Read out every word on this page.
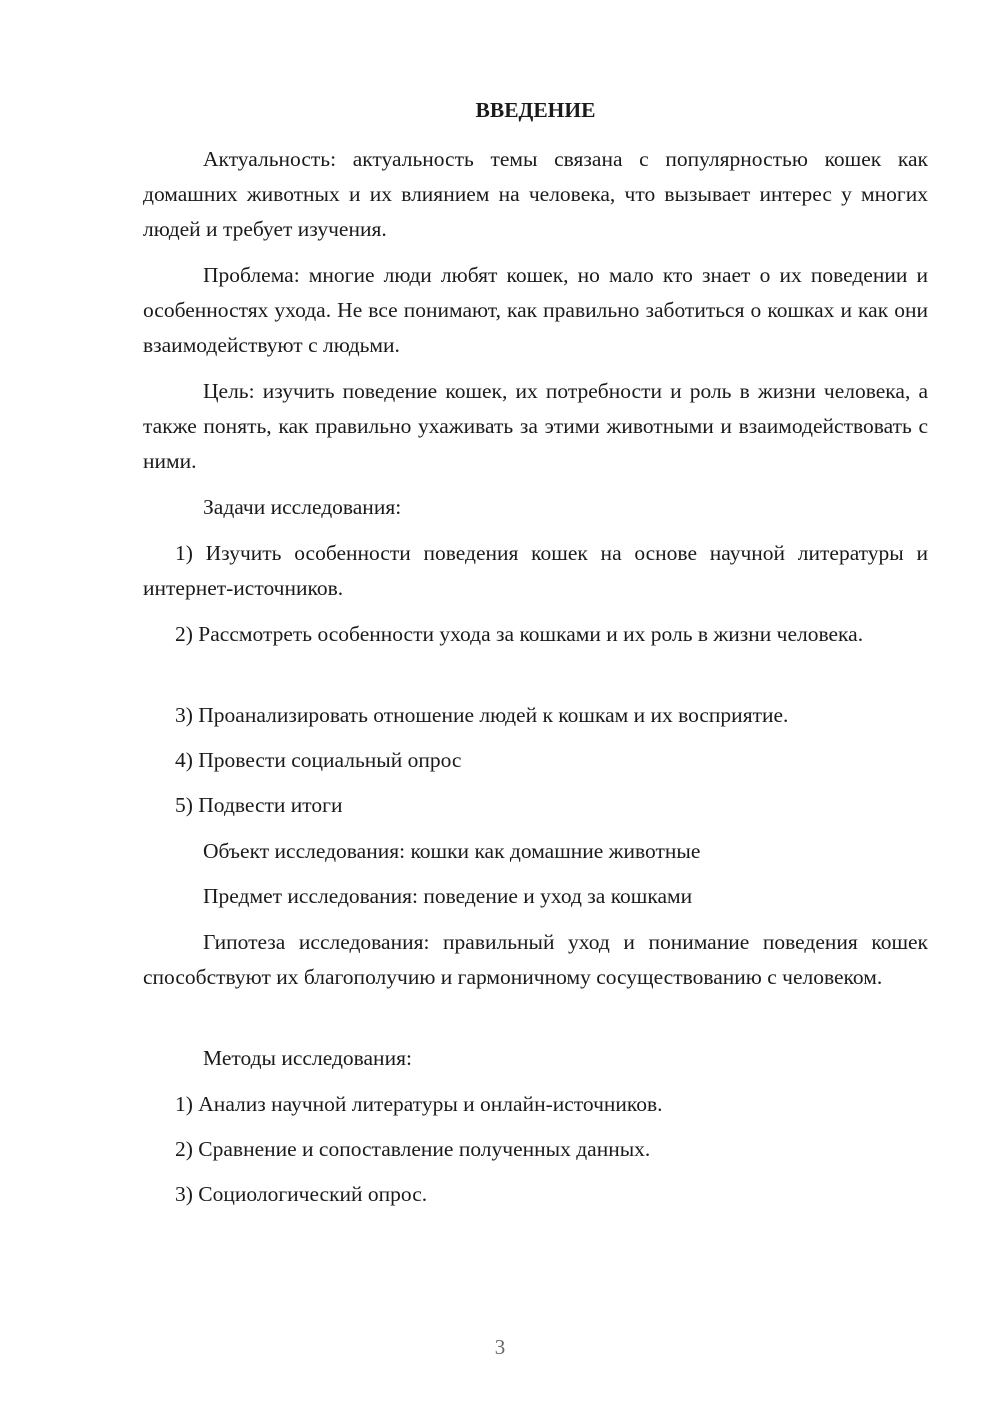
ВВЕДЕНИЕ

Актуальность: актуальность темы связана с популярностью кошек как домашних животных и их влиянием на человека, что вызывает интерес у многих людей и требует изучения.

Проблема: многие люди любят кошек, но мало кто знает о их поведении и особенностях ухода. Не все понимают, как правильно заботиться о кошках и как они взаимодействуют с людьми.

Цель: изучить поведение кошек, их потребности и роль в жизни человека, а также понять, как правильно ухаживать за этими животными и взаимодействовать с ними.

Задачи исследования:

1) Изучить особенности поведения кошек на основе научной литературы и интернет-источников.

2) Рассмотреть особенности ухода за кошками и их роль в жизни человека.

3) Проанализировать отношение людей к кошкам и их восприятие.

4) Провести социальный опрос

5) Подвести итоги

Объект исследования: кошки как домашние животные

Предмет исследования: поведение и уход за кошками

Гипотеза исследования: правильный уход и понимание поведения кошек способствуют их благополучию и гармоничному сосуществованию с человеком.

Методы исследования:

1) Анализ научной литературы и онлайн-источников.

2) Сравнение и сопоставление полученных данных.

3) Социологический опрос.

3
